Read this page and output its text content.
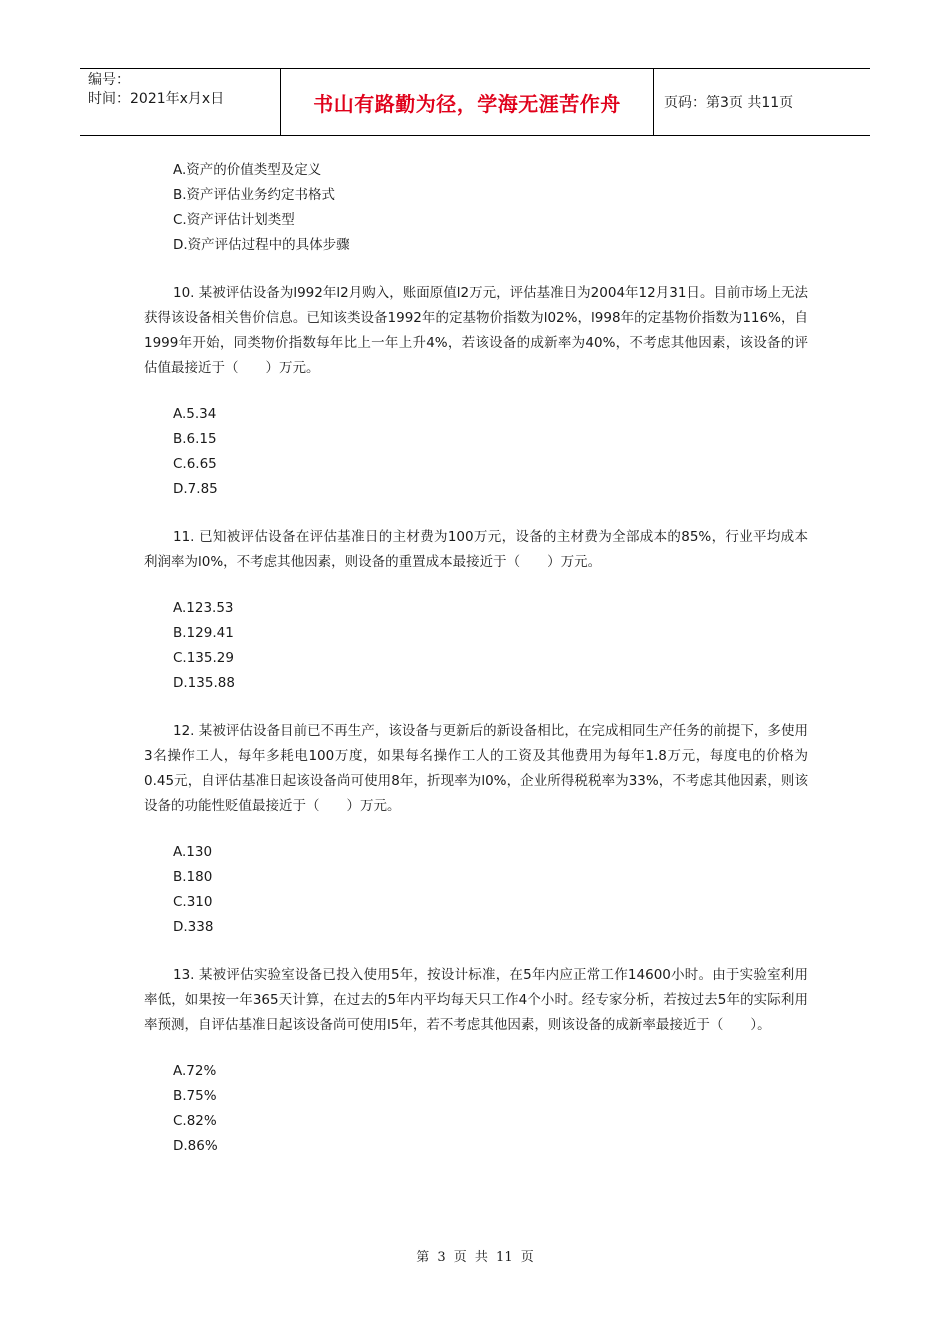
编号：
时间：2021年x月x日	书山有路勤为径，学海无涯苦作舟	页码：第3页 共11页
A.资产的价值类型及定义
B.资产评估业务约定书格式
C.资产评估计划类型
D.资产评估过程中的具体步骤

10. 某被评估设备为l992年l2月购入，账面原值l2万元，评估基准日为2004年12月31日。目前市场上无法获得该设备相关售价信息。已知该类设备1992年的定基物价指数为l02%，l998年的定基物价指数为116%，自1999年开始，同类物价指数每年比上一年上升4%，若该设备的成新率为40%，不考虑其他因素，该设备的评估值最接近于（　　）万元。

A.5.34
B.6.15
C.6.65
D.7.85

11. 已知被评估设备在评估基准日的主材费为100万元，设备的主材费为全部成本的85%，行业平均成本利润率为l0%，不考虑其他因素，则设备的重置成本最接近于（　　）万元。

A.123.53
B.129.41
C.135.29
D.135.88

12. 某被评估设备目前已不再生产，该设备与更新后的新设备相比，在完成相同生产任务的前提下，多使用3名操作工人，每年多耗电100万度，如果每名操作工人的工资及其他费用为每年1.8万元，每度电的价格为0.45元，自评估基准日起该设备尚可使用8年，折现率为l0%，企业所得税税率为33%，不考虑其他因素，则该设备的功能性贬值最接近于（　　）万元。

A.130
B.180
C.310
D.338

13. 某被评估实验室设备已投入使用5年，按设计标准，在5年内应正常工作14600小时。由于实验室利用率低，如果按一年365天计算，在过去的5年内平均每天只工作4个小时。经专家分析，若按过去5年的实际利用率预测，自评估基准日起该设备尚可使用l5年，若不考虑其他因素，则该设备的成新率最接近于（　　）。

A.72%
B.75%
C.82%
D.86%
第 3 页 共 11 页
